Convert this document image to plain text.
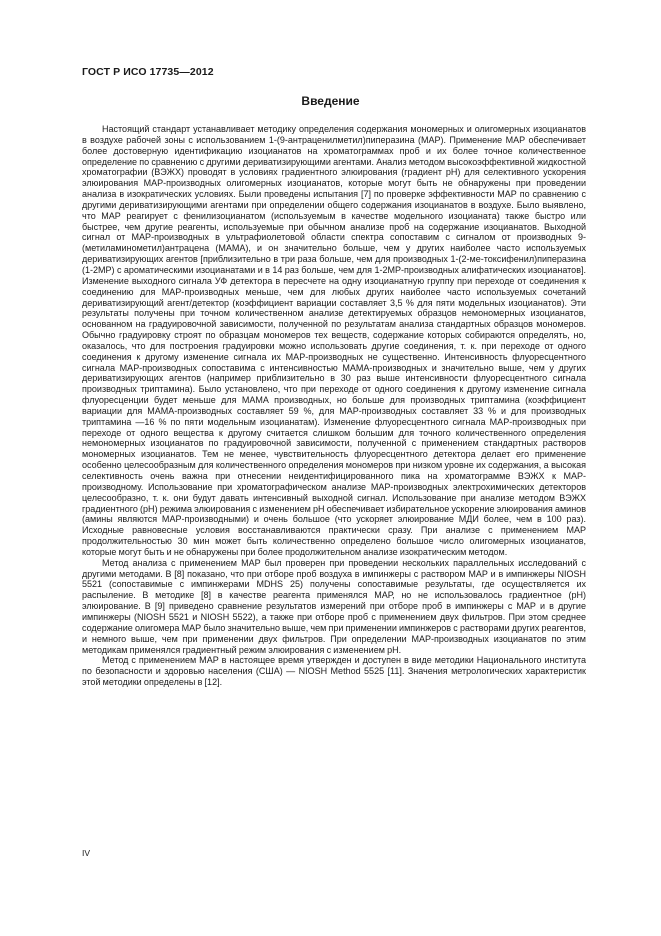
ГОСТ Р ИСО 17735—2012
Введение

Настоящий стандарт устанавливает методику определения содержания мономерных и олигомерных изоцианатов в воздухе рабочей зоны с использованием 1-(9-антраценилметил)пиперазина (МАР). Применение МАР обеспечивает более достоверную идентификацию изоцианатов на хроматограммах проб и их более точное количественное определение по сравнению с другими дериватизирующими агентами. Анализ методом высокоэффективной жидкостной хроматографии (ВЭЖХ) проводят в условиях градиентного элюирования (градиент рН) для селективного ускорения элюирования МАР-производных олигомерных изоцианатов, которые могут быть не обнаружены при проведении анализа в изократических условиях. Были проведены испытания [7] по проверке эффективности МАР по сравнению с другими дериватизирующими агентами при определении общего содержания изоцианатов в воздухе. Было выявлено, что МАР реагирует с фенилизоцианатом (используемым в качестве модельного изоцианата) также быстро или быстрее, чем другие реагенты, используемые при обычном анализе проб на содержание изоцианатов. Выходной сигнал от МАР-производных в ультрафиолетовой области спектра сопоставим с сигналом от производных 9-(метиламинометил)антрацена (МАМА), и он значительно больше, чем у других наиболее часто используемых дериватизирующих агентов [приблизительно в три раза больше, чем для производных 1-(2-ме-токсифенил)пиперазина (1-2МР) с ароматическими изоцианатами и в 14 раз больше, чем для 1-2МР-производных алифатических изоцианатов]. Изменение выходного сигнала УФ детектора в пересчете на одну изоцианатную группу при переходе от соединения к соединению для МАР-производных меньше, чем для любых других наиболее часто используемых сочетаний дериватизирующий агент/детектор (коэффициент вариации составляет 3,5 % для пяти модельных изоцианатов). Эти результаты получены при точном количественном анализе детектируемых образцов немономерных изоцианатов, основанном на градуировочной зависимости, полученной по результатам анализа стандартных образцов мономеров. Обычно градуировку строят по образцам мономеров тех веществ, содержание которых собираются определять, но, оказалось, что для построения градуировки можно использовать другие соединения, т. к. при переходе от одного соединения к другому изменение сигнала их МАР-производных не существенно. Интенсивность флуоресцентного сигнала МАР-производных сопоставима с интенсивностью МАМА-производных и значительно выше, чем у других дериватизирующих агентов (например приблизительно в 30 раз выше интенсивности флуоресцентного сигнала производных триптамина). Было установлено, что при переходе от одного соединения к другому изменение сигнала флуоресценции будет меньше для МАМА производных, но больше для производных триптамина (коэффициент вариации для МАМА-производных составляет 59 %, для МАР-производных составляет 33 % и для производных триптамина —16 % по пяти модельным изоцианатам). Изменение флуоресцентного сигнала МАР-производных при переходе от одного вещества к другому считается слишком большим для точного количественного определения немономерных изоцианатов по градуировочной зависимости, полученной с применением стандартных растворов мономерных изоцианатов. Тем не менее, чувствительность флуоресцентного детектора делает его применение особенно целесообразным для количественного определения мономеров при низком уровне их содержания, а высокая селективность очень важна при отнесении неидентифицированного пика на хроматограмме ВЭЖХ к МАР-производному. Использование при хроматографическом анализе МАР-производных электрохимических детекторов целесообразно, т. к. они будут давать интенсивный выходной сигнал. Использование при анализе методом ВЭЖХ градиентного (рН) режима элюирования с изменением рН обеспечивает избирательное ускорение элюирования аминов (амины являются МАР-производными) и очень большое (что ускоряет элюирование МДИ более, чем в 100 раз). Исходные равновесные условия восстанавливаются практически сразу. При анализе с применением МАР продолжительностью 30 мин может быть количественно определено большое число олигомерных изоцианатов, которые могут быть и не обнаружены при более продолжительном анализе изократическим методом.

Метод анализа с применением МАР был проверен при проведении нескольких параллельных исследований с другими методами. В [8] показано, что при отборе проб воздуха в импинжеры с раствором МАР и в импинжеры NIOSH 5521 (сопоставимые с импинжерами MDHS 25) получены сопоставимые результаты, где осуществляется их распыление. В методике [8] в качестве реагента применялся МАР, но не использовалось градиентное (рН) элюирование. В [9] приведено сравнение результатов измерений при отборе проб в импинжеры с МАР и в другие импинжеры (NIOSH 5521 и NIOSH 5522), а также при отборе проб с применением двух фильтров. При этом среднее содержание олигомера МАР было значительно выше, чем при применении импинжеров с растворами других реагентов, и немного выше, чем при применении двух фильтров. При определении МАР-производных изоцианатов по этим методикам применялся градиентный режим элюирования с изменением рН.

Метод с применением МАР в настоящее время утвержден и доступен в виде методики Национального института по безопасности и здоровью населения (США) — NIOSH Method 5525 [11]. Значения метрологических характеристик этой методики определены в [12].

IV
